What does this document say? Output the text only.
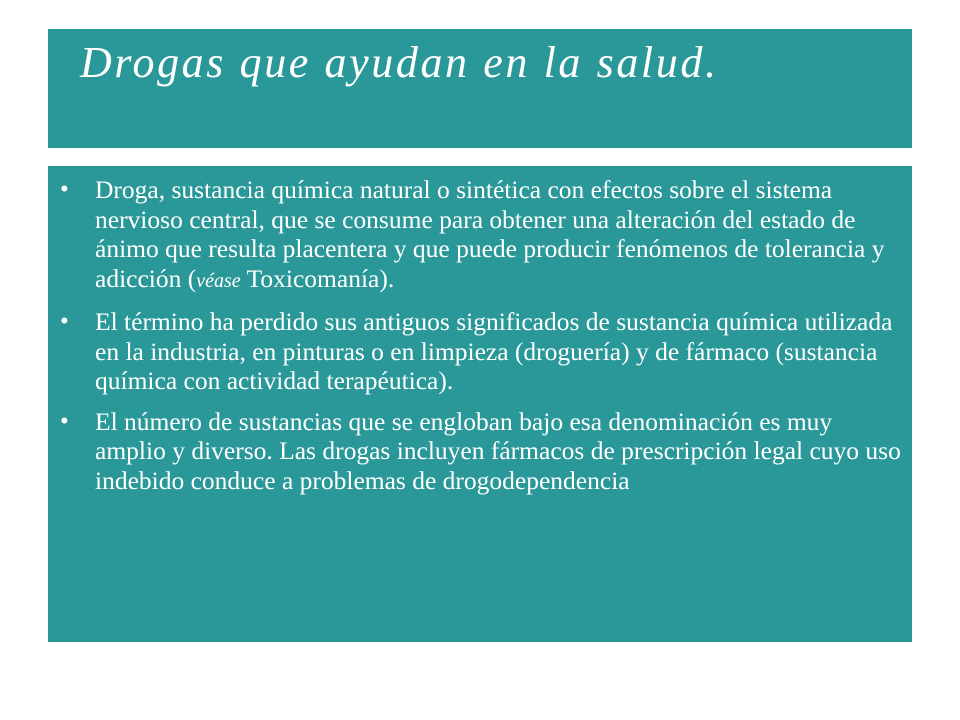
Drogas que ayudan en la salud.
• Droga, sustancia química natural o sintética con efectos sobre el sistema nervioso central, que se consume para obtener una alteración del estado de ánimo que resulta placentera y que puede producir fenómenos de tolerancia y adicción (véase Toxicomanía).
• El término ha perdido sus antiguos significados de sustancia química utilizada en la industria, en pinturas o en limpieza (droguería) y de fármaco (sustancia química con actividad terapéutica).
• El número de sustancias que se engloban bajo esa denominación es muy amplio y diverso. Las drogas incluyen fármacos de prescripción legal cuyo uso indebido conduce a problemas de drogodependencia
